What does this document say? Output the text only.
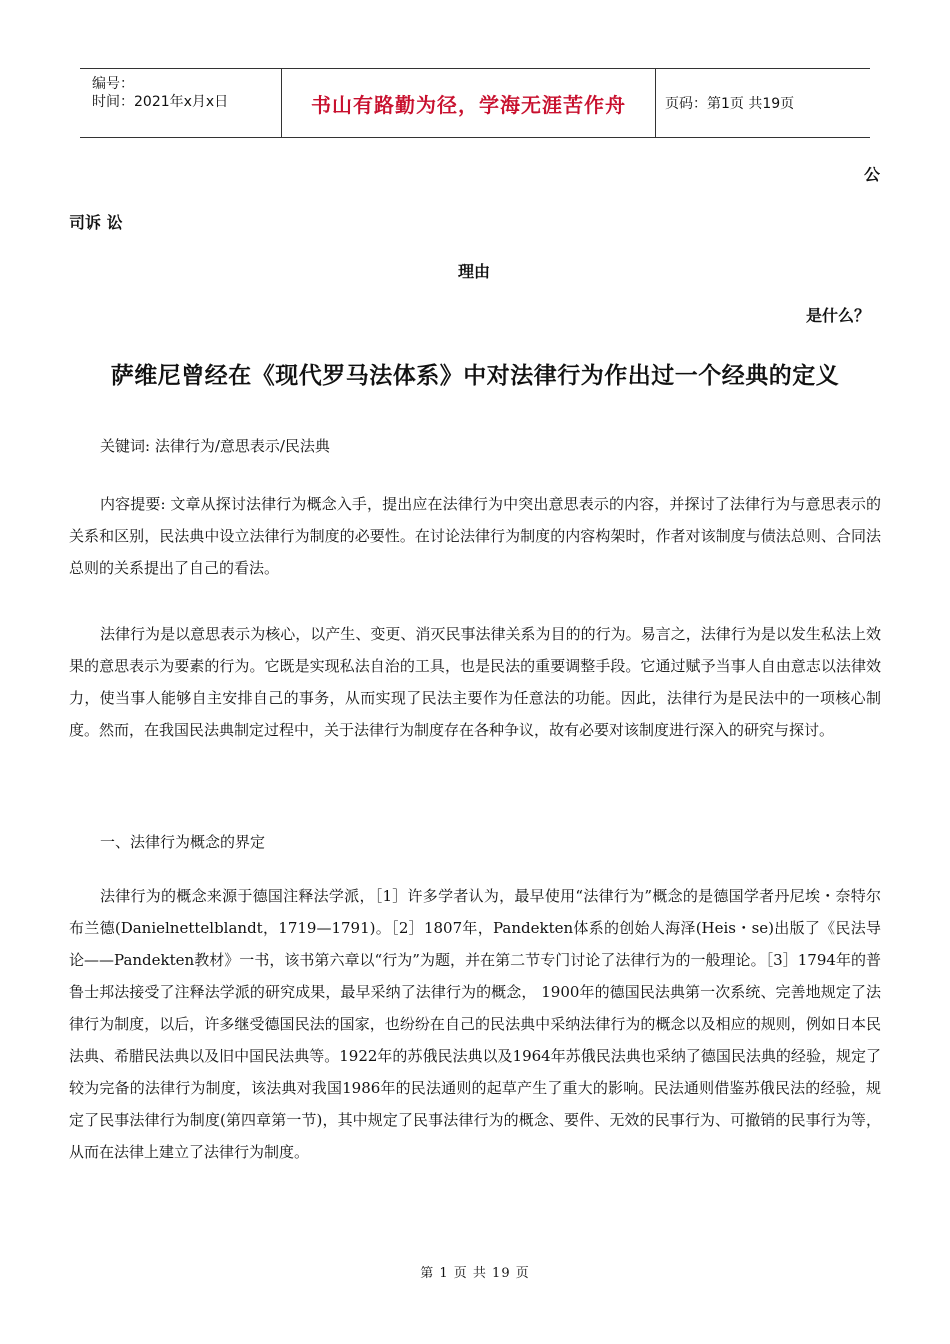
编号：
时间：2021年x月x日	书山有路勤为径，学海无涯苦作舟	页码：第1页 共19页
公
司诉 讼
理由
是什么？
萨维尼曾经在《现代罗马法体系》中对法律行为作出过一个经典的定义

关键词: 法律行为/意思表示/民法典

内容提要: 文章从探讨法律行为概念入手，提出应在法律行为中突出意思表示的内容，并探讨了法律行为与意思表示的关系和区别，民法典中设立法律行为制度的必要性。在讨论法律行为制度的内容构架时，作者对该制度与债法总则、合同法总则的关系提出了自己的看法。

法律行为是以意思表示为核心，以产生、变更、消灭民事法律关系为目的的行为。易言之，法律行为是以发生私法上效果的意思表示为要素的行为。它既是实现私法自治的工具，也是民法的重要调整手段。它通过赋予当事人自由意志以法律效力，使当事人能够自主安排自己的事务，从而实现了民法主要作为任意法的功能。因此，法律行为是民法中的一项核心制度。然而，在我国民法典制定过程中，关于法律行为制度存在各种争议，故有必要对该制度进行深入的研究与探讨。

一、法律行为概念的界定

法律行为的概念来源于德国注释法学派，［1］许多学者认为，最早使用“法律行为”概念的是德国学者丹尼埃・奈特尔布兰德(Danielnettelblandt，1719—1791)。［2］1807年，Pandekten体系的创始人海泽(Heis・se)出版了《民法导论——Pandekten教材》一书，该书第六章以“行为”为题，并在第二节专门讨论了法律行为的一般理论。［3］1794年的普鲁士邦法接受了注释法学派的研究成果，最早采纳了法律行为的概念， 1900年的德国民法典第一次系统、完善地规定了法律行为制度，以后，许多继受德国民法的国家，也纷纷在自己的民法典中采纳法律行为的概念以及相应的规则，例如日本民法典、希腊民法典以及旧中国民法典等。1922年的苏俄民法典以及1964年苏俄民法典也采纳了德国民法典的经验，规定了较为完备的法律行为制度，该法典对我国1986年的民法通则的起草产生了重大的影响。民法通则借鉴苏俄民法的经验，规定了民事法律行为制度(第四章第一节)，其中规定了民事法律行为的概念、要件、无效的民事行为、可撤销的民事行为等，从而在法律上建立了法律行为制度。

第 1 页 共 19 页
